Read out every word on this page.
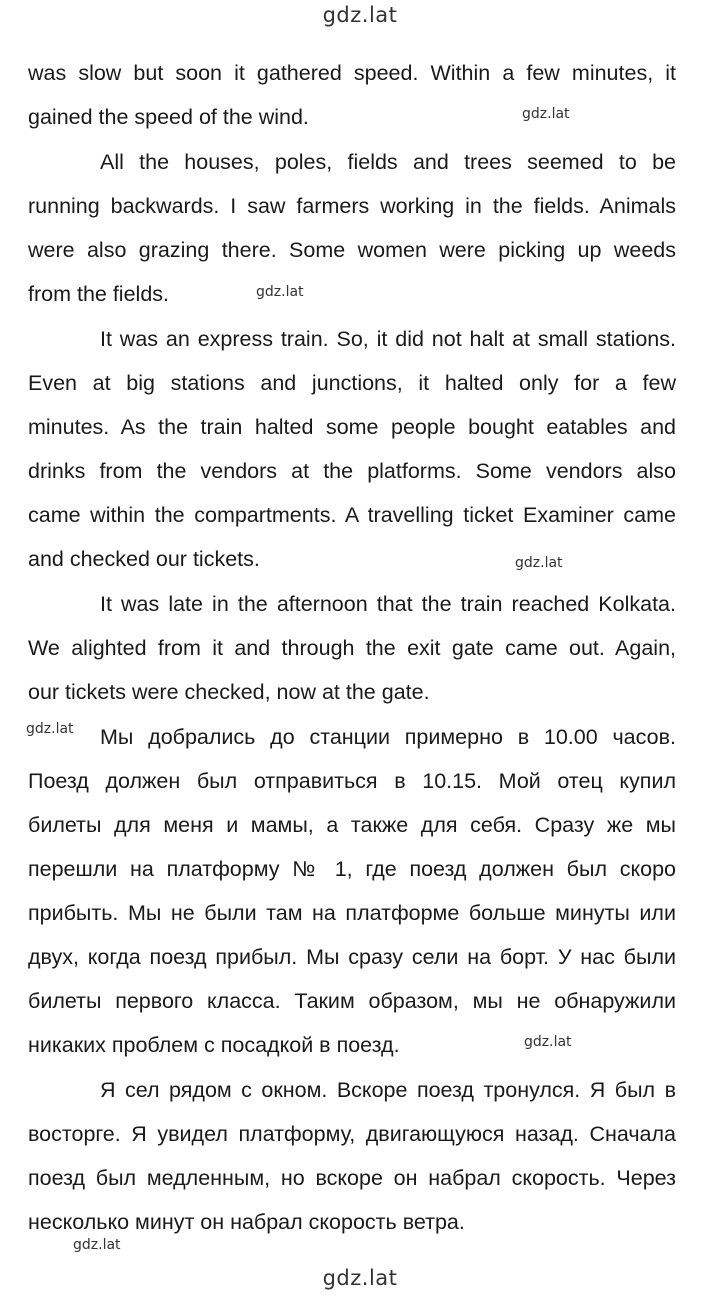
gdz.lat
gdz.lat
gdz.lat
gdz.lat
gdz.lat
gdz.lat
gdz.lat
gdz.lat
was slow but soon it gathered speed. Within a few minutes, it
gained the speed of the wind.
All the houses, poles, fields and trees seemed to be
running backwards. I saw farmers working in the fields. Animals
were also grazing there. Some women were picking up weeds
from the fields.
It was an express train. So, it did not halt at small stations.
Even at big stations and junctions, it halted only for a few
minutes. As the train halted some people bought eatables and
drinks from the vendors at the platforms. Some vendors also
came within the compartments. A travelling ticket Examiner came
and checked our tickets.
It was late in the afternoon that the train reached Kolkata.
We alighted from it and through the exit gate came out. Again,
our tickets were checked, now at the gate.
Мы добрались до станции примерно в 10.00 часов.
Поезд должен был отправиться в 10.15. Мой отец купил
билеты для меня и мамы, а также для себя. Сразу же мы
перешли на платформу № 1, где поезд должен был скоро
прибыть. Мы не были там на платформе больше минуты или
двух, когда поезд прибыл. Мы сразу сели на борт. У нас были
билеты первого класса. Таким образом, мы не обнаружили
никаких проблем с посадкой в поезд.
Я сел рядом с окном. Вскоре поезд тронулся. Я был в
восторге. Я увидел платформу, двигающуюся назад. Сначала
поезд был медленным, но вскоре он набрал скорость. Через
несколько минут он набрал скорость ветра.
